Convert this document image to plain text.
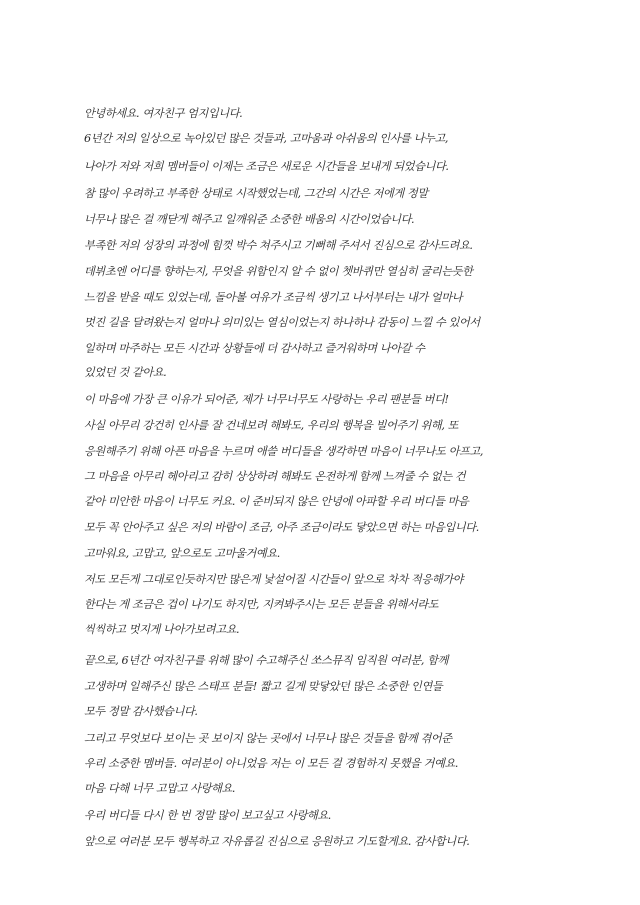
안녕하세요. 여자친구 엄지입니다.
6년간 저의 일상으로 녹아있던 많은 것들과, 고마움과 아쉬움의 인사를 나누고,
나아가 저와 저희 멤버들이 이제는 조금은 새로운 시간들을 보내게 되었습니다.
참 많이 우려하고 부족한 상태로 시작했었는데, 그간의 시간은 저에게 정말
너무나 많은 걸 깨닫게 해주고 일깨워준 소중한 배움의 시간이었습니다.
부족한 저의 성장의 과정에 힘껏 박수 쳐주시고 기뻐해 주셔서 진심으로 감사드려요.
데뷔초엔 어디를 향하는지, 무엇을 위함인지 알 수 없이 쳇바퀴만 열심히 굴리는듯한
느낌을 받을 때도 있었는데, 돌아볼 여유가 조금씩 생기고 나서부터는 내가 얼마나
멋진 길을 달려왔는지 얼마나 의미있는 열심이었는지 하나하나 감동이 느낄 수 있어서
일하며 마주하는 모든 시간과 상황들에 더 감사하고 즐거워하며 나아갈 수
있었던 것 같아요.
이 마음에 가장 큰 이유가 되어준, 제가 너무너무도 사랑하는 우리 팬분들 버디!
사실 아무리 강건히 인사를 잘 건네보려 해봐도, 우리의 행복을 빌어주기 위해, 또
응원해주기 위해 아픈 마음을 누르며 애쓸 버디들을 생각하면 마음이 너무나도 아프고,
그 마음을 아무리 헤아리고 감히 상상하려 해봐도 온전하게 함께 느껴줄 수 없는 건
같아 미안한 마음이 너무도 커요. 이 준비되지 않은 안녕에 아파할 우리 버디들 마음
모두 꼭 안아주고 싶은 저의 바람이 조금, 아주 조금이라도 닿았으면 하는 마음입니다.
고마워요, 고맙고, 앞으로도 고마울거예요.
저도 모든게 그대로인듯하지만 많은게 낯설어질 시간들이 앞으로 차차 적응해가야
한다는 게 조금은 겁이 나기도 하지만, 지켜봐주시는 모든 분들을 위해서라도
씩씩하고 멋지게 나아가보려고요.
끝으로, 6년간 여자친구를 위해 많이 수고해주신 쏘스뮤직 임직원 여러분, 함께
고생하며 일해주신 많은 스태프 분들! 짧고 길게 맞닿았던 많은 소중한 인연들
모두 정말 감사했습니다.
그리고 무엇보다 보이는 곳 보이지 않는 곳에서 너무나 많은 것들을 함께 겪어준
우리 소중한 멤버들. 여러분이 아니었음 저는 이 모든 걸 경험하지 못했을 거예요.
마음 다해 너무 고맙고 사랑해요.
우리 버디들 다시 한 번 정말 많이 보고싶고 사랑해요.
앞으로 여러분 모두 행복하고 자유롭길 진심으로 응원하고 기도할게요. 감사합니다.
